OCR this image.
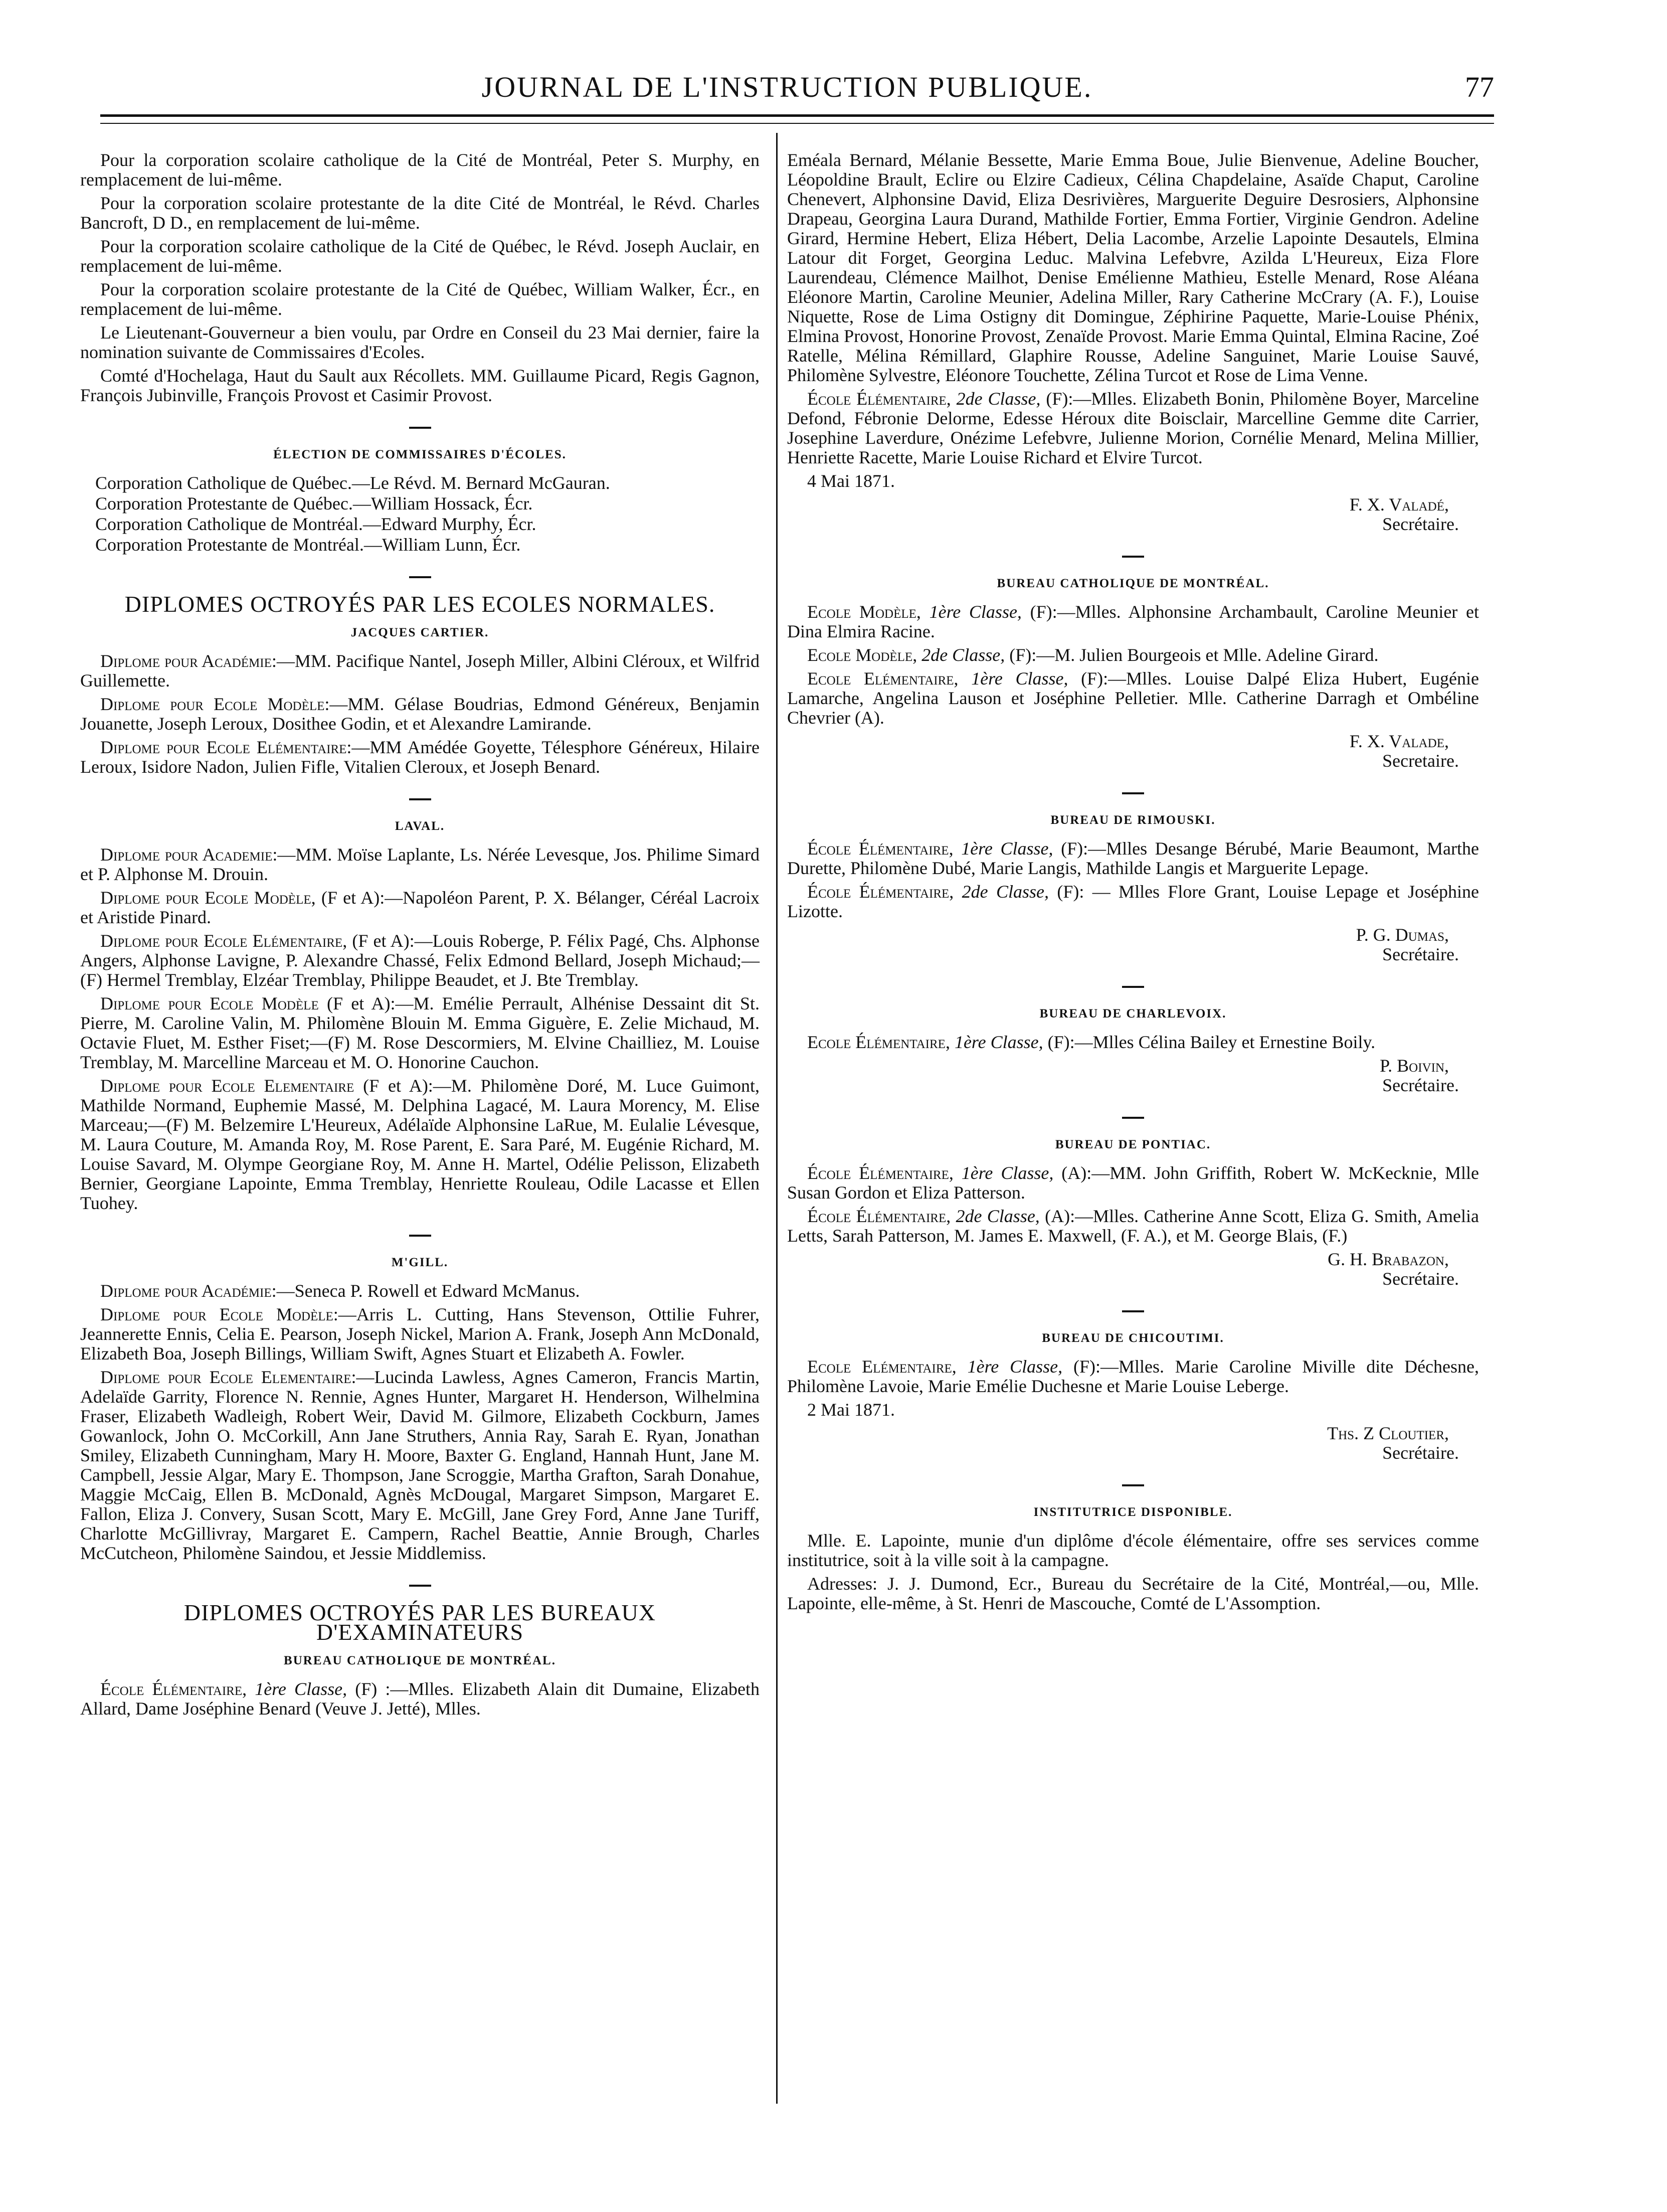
JOURNAL DE L'INSTRUCTION PUBLIQUE.	77

Pour la corporation scolaire catholique de la Cité de Montréal, Peter S. Murphy, en remplacement de lui-même.

Pour la corporation scolaire protestante de la dite Cité de Montréal, le Révd. Charles Bancroft, D D., en remplacement de lui-même.

Pour la corporation scolaire catholique de la Cité de Québec, le Révd. Joseph Auclair, en remplacement de lui-même.

Pour la corporation scolaire protestante de la Cité de Québec, William Walker, Écr., en remplacement de lui-même.

Le Lieutenant-Gouverneur a bien voulu, par Ordre en Conseil du 23 Mai dernier, faire la nomination suivante de Commissaires d'Ecoles.

Comté d'Hochelaga, Haut du Sault aux Récollets. MM. Guillaume Picard, Regis Gagnon, François Jubinville, François Provost et Casimir Provost.

ÉLECTION DE COMMISSAIRES D'ÉCOLES.

Corporation Catholique de Québec.—Le Révd. M. Bernard McGauran.

Corporation Protestante de Québec.—William Hossack, Écr.

Corporation Catholique de Montréal.—Edward Murphy, Écr.

Corporation Protestante de Montréal.—William Lunn, Écr.

DIPLOMES OCTROYÉS PAR LES ECOLES NORMALES.
JACQUES CARTIER.

Diplome pour Académie:—MM. Pacifique Nantel, Joseph Miller, Albini Cléroux, et Wilfrid Guillemette.

Diplome pour Ecole Modèle:—MM. Gélase Boudrias, Edmond Généreux, Benjamin Jouanette, Joseph Leroux, Dosithee Godin, et et Alexandre Lamirande.

Diplome pour Ecole Elémentaire:—MM Amédée Goyette, Télesphore Généreux, Hilaire Leroux, Isidore Nadon, Julien Fifle, Vitalien Cleroux, et Joseph Benard.

LAVAL.

Diplome pour Academie:—MM. Moïse Laplante, Ls. Nérée Levesque, Jos. Philime Simard et P. Alphonse M. Drouin.

Diplome pour Ecole Modèle, (F et A):—Napoléon Parent, P. X. Bélanger, Céréal Lacroix et Aristide Pinard.

Diplome pour Ecole Elémentaire, (F et A):—Louis Roberge, P. Félix Pagé, Chs. Alphonse Angers, Alphonse Lavigne, P. Alexandre Chassé, Felix Edmond Bellard, Joseph Michaud;—(F) Hermel Tremblay, Elzéar Tremblay, Philippe Beaudet, et J. Bte Tremblay.

Diplome pour Ecole Modèle (F et A):—M. Emélie Perrault, Alhénise Dessaint dit St. Pierre, M. Caroline Valin, M. Philomène Blouin M. Emma Giguère, E. Zelie Michaud, M. Octavie Fluet, M. Esther Fiset;—(F) M. Rose Descormiers, M. Elvine Chailliez, M. Louise Tremblay, M. Marcelline Marceau et M. O. Honorine Cauchon.

Diplome pour Ecole Elementaire (F et A):—M. Philomène Doré, M. Luce Guimont, Mathilde Normand, Euphemie Massé, M. Delphina Lagacé, M. Laura Morency, M. Elise Marceau;—(F) M. Belzemire L'Heureux, Adélaïde Alphonsine LaRue, M. Eulalie Lévesque, M. Laura Couture, M. Amanda Roy, M. Rose Parent, E. Sara Paré, M. Eugénie Richard, M. Louise Savard, M. Olympe Georgiane Roy, M. Anne H. Martel, Odélie Pelisson, Elizabeth Bernier, Georgiane Lapointe, Emma Tremblay, Henriette Rouleau, Odile Lacasse et Ellen Tuohey.

M'GILL.

Diplome pour Académie:—Seneca P. Rowell et Edward McManus.

Diplome pour Ecole Modèle:—Arris L. Cutting, Hans Stevenson, Ottilie Fuhrer, Jeannerette Ennis, Celia E. Pearson, Joseph Nickel, Marion A. Frank, Joseph Ann McDonald, Elizabeth Boa, Joseph Billings, William Swift, Agnes Stuart et Elizabeth A. Fowler.

Diplome pour Ecole Elementaire:—Lucinda Lawless, Agnes Cameron, Francis Martin, Adelaïde Garrity, Florence N. Rennie, Agnes Hunter, Margaret H. Henderson, Wilhelmina Fraser, Elizabeth Wadleigh, Robert Weir, David M. Gilmore, Elizabeth Cockburn, James Gowanlock, John O. McCorkill, Ann Jane Struthers, Annia Ray, Sarah E. Ryan, Jonathan Smiley, Elizabeth Cunningham, Mary H. Moore, Baxter G. England, Hannah Hunt, Jane M. Campbell, Jessie Algar, Mary E. Thompson, Jane Scroggie, Martha Grafton, Sarah Donahue, Maggie McCaig, Ellen B. McDonald, Agnès McDougal, Margaret Simpson, Margaret E. Fallon, Eliza J. Convery, Susan Scott, Mary E. McGill, Jane Grey Ford, Anne Jane Turiff, Charlotte McGillivray, Margaret E. Campern, Rachel Beattie, Annie Brough, Charles McCutcheon, Philomène Saindou, et Jessie Middlemiss.

DIPLOMES OCTROYÉS PAR LES BUREAUX D'EXAMINATEURS
BUREAU CATHOLIQUE DE MONTRÉAL.

École Élémentaire, 1ère Classe, (F) :—Mlles. Elizabeth Alain dit Dumaine, Elizabeth Allard, Dame Joséphine Benard (Veuve J. Jetté), Mlles.

Eméala Bernard, Mélanie Bessette, Marie Emma Boue, Julie Bienvenue, Adeline Boucher, Léopoldine Brault, Eclire ou Elzire Cadieux, Célina Chapdelaine, Asaïde Chaput, Caroline Chenevert, Alphonsine David, Eliza Desrivières, Marguerite Deguire Desrosiers, Alphonsine Drapeau, Georgina Laura Durand, Mathilde Fortier, Emma Fortier, Virginie Gendron. Adeline Girard, Hermine Hebert, Eliza Hébert, Delia Lacombe, Arzelie Lapointe Desautels, Elmina Latour dit Forget, Georgina Leduc. Malvina Lefebvre, Azilda L'Heureux, Eiza Flore Laurendeau, Clémence Mailhot, Denise Emélienne Mathieu, Estelle Menard, Rose Aléana Eléonore Martin, Caroline Meunier, Adelina Miller, Rary Catherine McCrary (A. F.), Louise Niquette, Rose de Lima Ostigny dit Domingue, Zéphirine Paquette, Marie-Louise Phénix, Elmina Provost, Honorine Provost, Zenaïde Provost. Marie Emma Quintal, Elmina Racine, Zoé Ratelle, Mélina Rémillard, Glaphire Rousse, Adeline Sanguinet, Marie Louise Sauvé, Philomène Sylvestre, Eléonore Touchette, Zélina Turcot et Rose de Lima Venne.

École Élémentaire, 2de Classe, (F):—Mlles. Elizabeth Bonin, Philomène Boyer, Marceline Defond, Fébronie Delorme, Edesse Héroux dite Boisclair, Marcelline Gemme dite Carrier, Josephine Laverdure, Onézime Lefebvre, Julienne Morion, Cornélie Menard, Melina Millier, Henriette Racette, Marie Louise Richard et Elvire Turcot.

4 Mai 1871.

F. X. Valadé,

Secrétaire.

BUREAU CATHOLIQUE DE MONTRÉAL.

Ecole Modèle, 1ère Classe, (F):—Mlles. Alphonsine Archambault, Caroline Meunier et Dina Elmira Racine.

Ecole Modèle, 2de Classe, (F):—M. Julien Bourgeois et Mlle. Adeline Girard.

Ecole Elémentaire, 1ère Classe, (F):—Mlles. Louise Dalpé Eliza Hubert, Eugénie Lamarche, Angelina Lauson et Joséphine Pelletier. Mlle. Catherine Darragh et Ombéline Chevrier (A).

F. X. Valade,

Secretaire.

BUREAU DE RIMOUSKI.

École Élémentaire, 1ère Classe, (F):—Mlles Desange Bérubé, Marie Beaumont, Marthe Durette, Philomène Dubé, Marie Langis, Mathilde Langis et Marguerite Lepage.

École Élémentaire, 2de Classe, (F): — Mlles Flore Grant, Louise Lepage et Joséphine Lizotte.

P. G. Dumas,

Secrétaire.

BUREAU DE CHARLEVOIX.

Ecole Élémentaire, 1ère Classe, (F):—Mlles Célina Bailey et Ernestine Boily.

P. Boivin,

Secrétaire.

BUREAU DE PONTIAC.

École Élémentaire, 1ère Classe, (A):—MM. John Griffith, Robert W. McKecknie, Mlle Susan Gordon et Eliza Patterson.

École Élémentaire, 2de Classe, (A):—Mlles. Catherine Anne Scott, Eliza G. Smith, Amelia Letts, Sarah Patterson, M. James E. Maxwell, (F. A.), et M. George Blais, (F.)

G. H. Brabazon,

Secrétaire.

BUREAU DE CHICOUTIMI.

Ecole Elémentaire, 1ère Classe, (F):—Mlles. Marie Caroline Miville dite Déchesne, Philomène Lavoie, Marie Emélie Duchesne et Marie Louise Leberge.

2 Mai 1871.

Ths. Z Cloutier,

Secrétaire.

INSTITUTRICE DISPONIBLE.

Mlle. E. Lapointe, munie d'un diplôme d'école élémentaire, offre ses services comme institutrice, soit à la ville soit à la campagne.

Adresses: J. J. Dumond, Ecr., Bureau du Secrétaire de la Cité, Montréal,—ou, Mlle. Lapointe, elle-même, à St. Henri de Mascouche, Comté de L'Assomption.
